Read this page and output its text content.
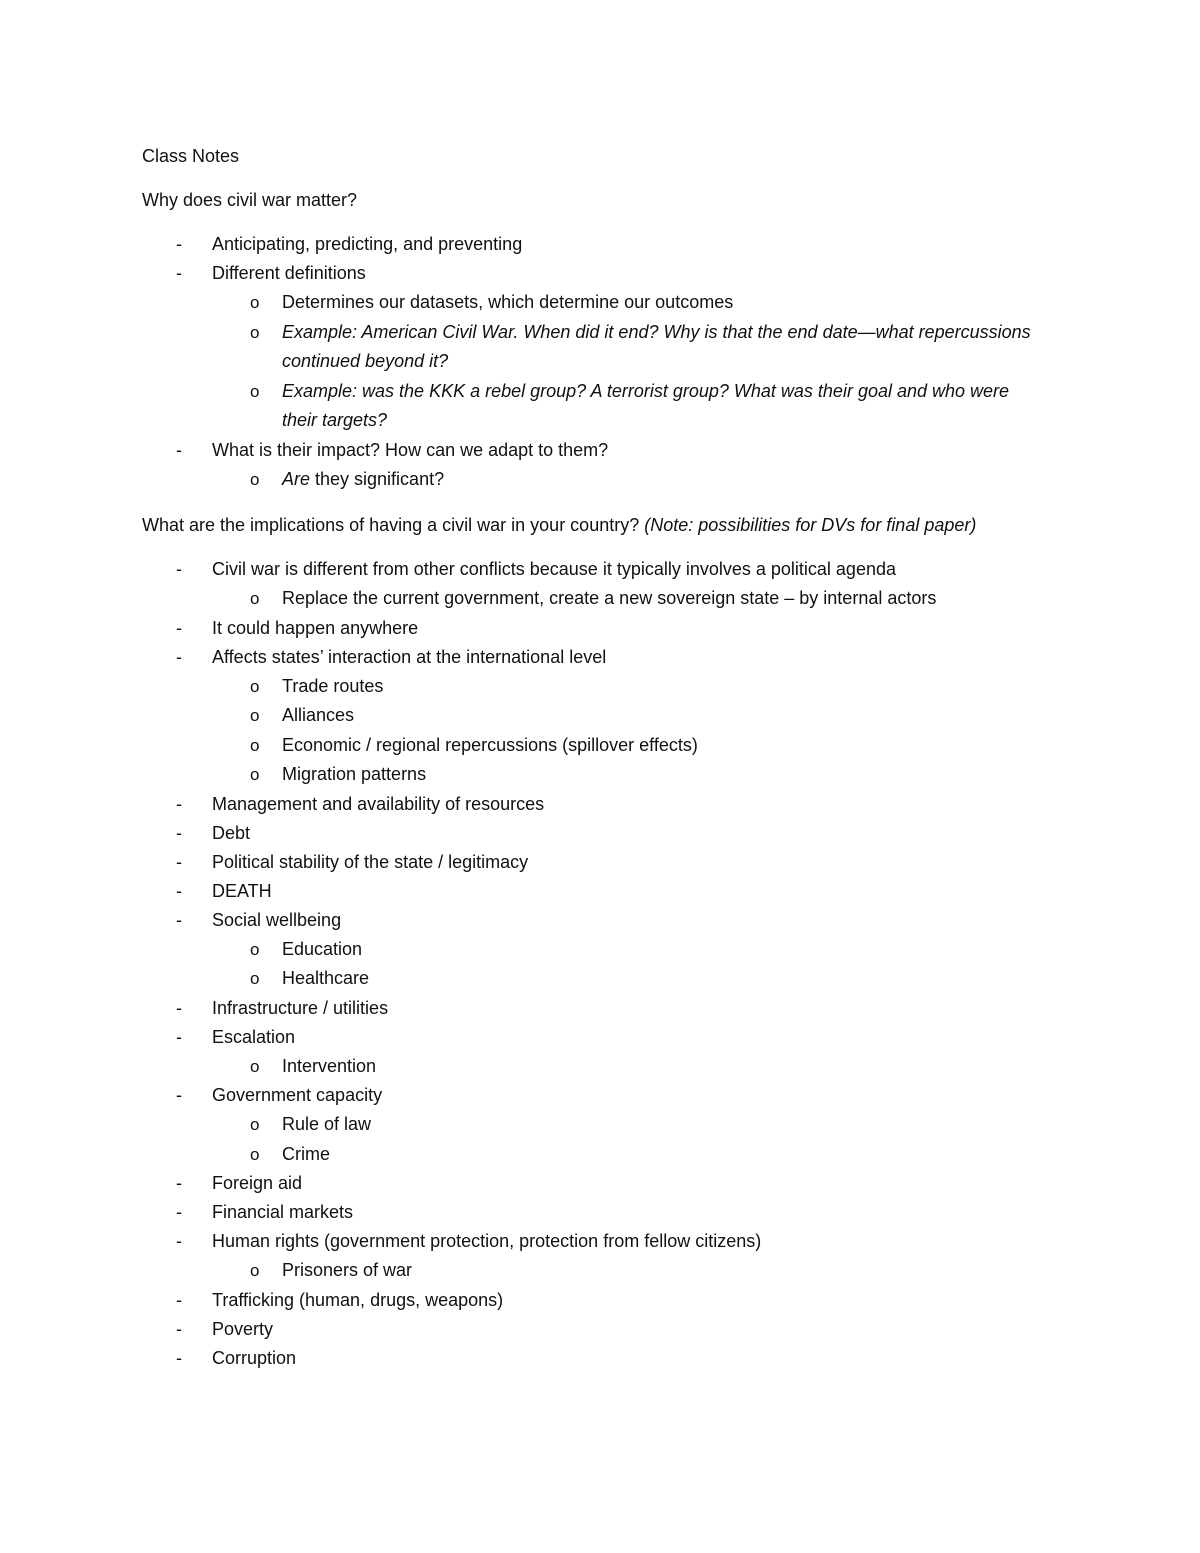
Class Notes

Why does civil war matter?

- Anticipating, predicting, and preventing
- Different definitions
o Determines our datasets, which determine our outcomes
o Example: American Civil War. When did it end? Why is that the end date—what repercussions continued beyond it?
o Example: was the KKK a rebel group? A terrorist group? What was their goal and who were their targets?
- What is their impact? How can we adapt to them?
o Are they significant?

What are the implications of having a civil war in your country? (Note: possibilities for DVs for final paper)

- Civil war is different from other conflicts because it typically involves a political agenda
o Replace the current government, create a new sovereign state – by internal actors
- It could happen anywhere
- Affects states’ interaction at the international level
o Trade routes
o Alliances
o Economic / regional repercussions (spillover effects)
o Migration patterns
- Management and availability of resources
- Debt
- Political stability of the state / legitimacy
- DEATH
- Social wellbeing
o Education
o Healthcare
- Infrastructure / utilities
- Escalation
o Intervention
- Government capacity
o Rule of law
o Crime
- Foreign aid
- Financial markets
- Human rights (government protection, protection from fellow citizens)
o Prisoners of war
- Trafficking (human, drugs, weapons)
- Poverty
- Corruption
